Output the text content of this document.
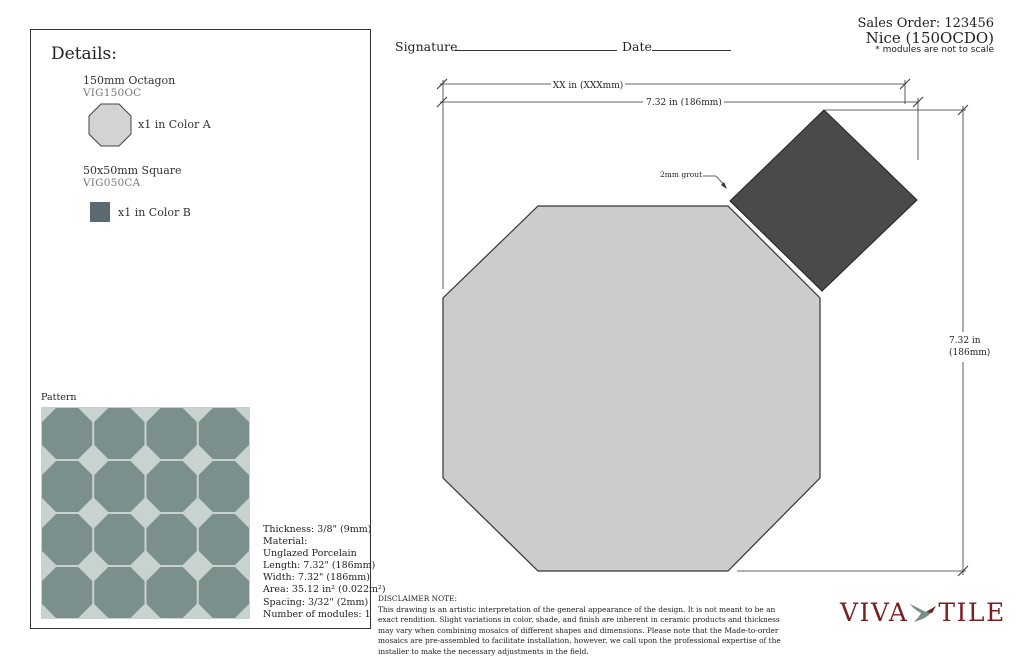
Sales Order: 123456
Nice (150OCDO)
* modules are not to scale
Signature	Date
Details:
150mm Octagon
VIG150OC
x1 in Color A
50x50mm Square
VIG050CA
x1 in Color B
Pattern
Thickness: 3/8" (9mm)
Material:
Unglazed Porcelain
Length: 7.32" (186mm)
Width: 7.32" (186mm)
Area: 35.12 in² (0.022m²)
Spacing: 3/32" (2mm)
Number of modules: 1
XX in (XXXmm)
7.32 in (186mm)
7.32 in
(186mm)
2mm grout
DISCLAIMER NOTE:
This drawing is an artistic interpretation of the general appearance of the design. It is not meant to be an exact rendition. Slight variations in color, shade, and finish are inherent in ceramic products and thickness may vary when combining mosaics of different shapes and dimensions. Please note that the Made-to-order mosaics are pre-assembled to facilitate installation, however, we call upon the professional expertise of the installer to make the necessary adjustments in the field.
VIVA TILE
